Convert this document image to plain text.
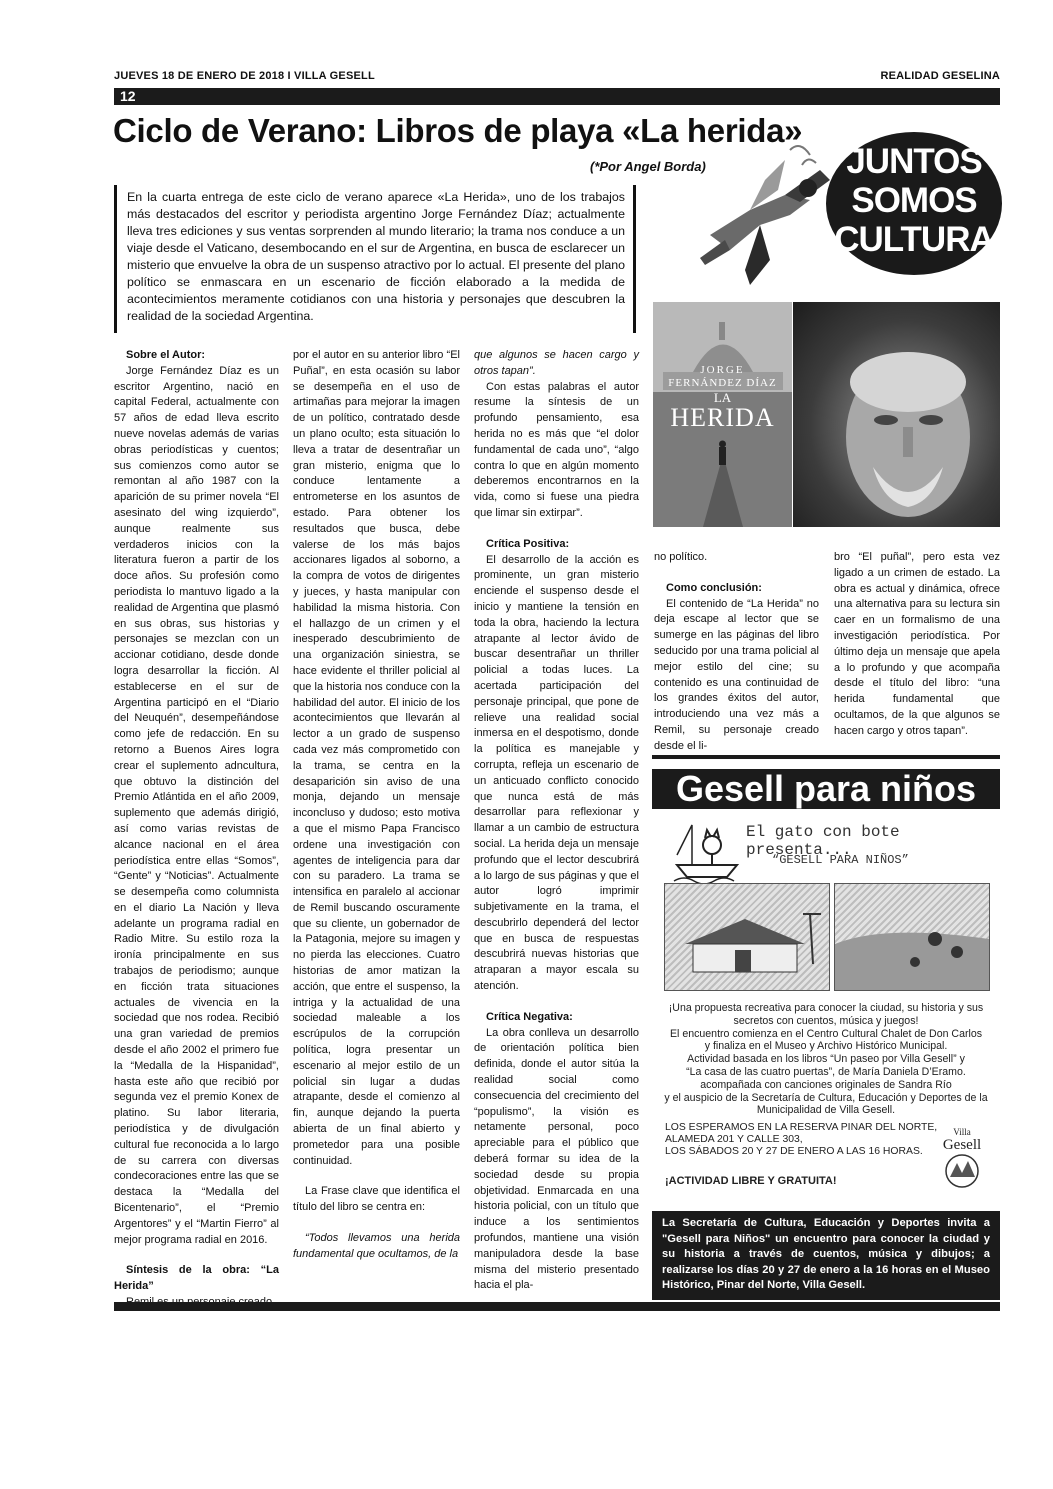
JUEVES 18 DE ENERO DE 2018 I VILLA GESELL	REALIDAD GESELINA
12
Ciclo de Verano: Libros de playa «La herida»
(*Por Angel Borda)	JUNTOS
SOMOS
CULTURA
En la cuarta entrega de este ciclo de verano aparece «La Herida», uno de los trabajos más destacados del escritor y periodista argentino Jorge Fernández Díaz; actualmente lleva tres ediciones y sus ventas sorprenden al mundo literario; la trama nos conduce a un viaje desde el Vaticano, desembocando en el sur de Argentina, en busca de esclarecer un misterio que envuelve la obra de un suspenso atractivo por lo actual. El presente del plano político se enmascara en un escenario de ficción elaborado a la medida de acontecimientos meramente cotidianos con una historia y personajes que descubren la realidad de la sociedad Argentina.

Sobre el Autor:

Jorge Fernández Díaz es un escritor Argentino, nació en capital Federal, actualmente con 57 años de edad lleva escrito nueve novelas además de varias obras periodísticas y cuentos; sus comienzos como autor se remontan al año 1987 con la aparición de su primer novela “El asesinato del wing izquierdo”, aunque realmente sus verdaderos inicios con la literatura fueron a partir de los doce años. Su profesión como periodista lo mantuvo ligado a la realidad de Argentina que plasmó en sus obras, sus historias y personajes se mezclan con un accionar cotidiano, desde donde logra desarrollar la ficción. Al establecerse en el sur de Argentina participó en el “Diario del Neuquén”, desempeñándose como jefe de redacción. En su retorno a Buenos Aires logra crear el suplemento adncultura, que obtuvo la distinción del Premio Atlántida en el año 2009, suplemento que además dirigió, así como varias revistas de alcance nacional en el área periodística entre ellas “Somos”, “Gente” y “Noticias”. Actualmente se desempeña como columnista en el diario La Nación y lleva adelante un programa radial en Radio Mitre. Su estilo roza la ironía principalmente en sus trabajos de periodismo; aunque en ficción trata situaciones actuales de vivencia en la sociedad que nos rodea. Recibió una gran variedad de premios desde el año 2002 el primero fue la “Medalla de la Hispanidad”, hasta este año que recibió por segunda vez el premio Konex de platino. Su labor literaria, periodística y de divulgación cultural fue reconocida a lo largo de su carrera con diversas condecoraciones entre las que se destaca la “Medalla del Bicentenario”, el “Premio Argentores” y el “Martin Fierro” al mejor programa radial en 2016.

Síntesis de la obra: “La Herida”

por el autor en su anterior libro “El Puñal”, en esta ocasión su labor se desempeña en el uso de artimañas para mejorar la imagen de un político, contratado desde un plano oculto; esta situación lo lleva a tratar de desentrañar un gran misterio, enigma que lo conduce lentamente a entrometerse en los asuntos de estado. Para obtener los resultados que busca, debe valerse de los más bajos accionares ligados al soborno, a la compra de votos de dirigentes y jueces, y hasta manipular con habilidad la misma historia. Con el hallazgo de un crimen y el inesperado descubrimiento de una organización siniestra, se hace evidente el thriller policial al que la historia nos conduce con la habilidad del autor. El inicio de los acontecimientos que llevarán al lector a un grado de suspenso cada vez más comprometido con la trama, se centra en la desaparición sin aviso de una monja, dejando un mensaje inconcluso y dudoso; esto motiva a que el mismo Papa Francisco ordene una investigación con agentes de inteligencia para dar con su paradero. La trama se intensifica en paralelo al accionar de Remil buscando oscuramente que su cliente, un gobernador de la Patagonia, mejore su imagen y no pierda las elecciones. Cuatro historias de amor matizan la acción, que entre el suspenso, la intriga y la actualidad de una sociedad maleable a los escrúpulos de la corrupción política, logra presentar un escenario al mejor estilo de un policial sin lugar a dudas atrapante, desde el comienzo al fin, aunque dejando la puerta abierta de un final abierto y prometedor para una posible continuidad.

La Frase clave que identifica el título del libro se centra en:

“Todos llevamos una herida fundamental que ocultamos, de la

que algunos se hacen cargo y otros tapan”.

Con estas palabras el autor resume la síntesis de un profundo pensamiento, esa herida no es más que “el dolor fundamental de cada uno”, “algo contra lo que en algún momento deberemos encontrarnos en la vida, como si fuese una piedra que limar sin extirpar”.

Crítica Positiva:

El desarrollo de la acción es prominente, un gran misterio enciende el suspenso desde el inicio y mantiene la tensión en toda la obra, haciendo la lectura atrapante al lector ávido de buscar desentrañar un thriller policial a todas luces. La acertada participación del personaje principal, que pone de relieve una realidad social inmersa en el despotismo, donde la política es manejable y corrupta, refleja un escenario de un anticuado conflicto conocido que nunca está de más desarrollar para reflexionar y llamar a un cambio de estructura social. La herida deja un mensaje profundo que el lector descubrirá a lo largo de sus páginas y que el autor logró imprimir subjetivamente en la trama, el descubrirlo dependerá del lector que en busca de respuestas descubrirá nuevas historias que atraparan a mayor escala su atención.

Crítica Negativa:

La obra conlleva un desarrollo de orientación política bien definida, donde el autor sitúa la realidad social como consecuencia del crecimiento del “populismo”, la visión es netamente personal, poco apreciable para el público que deberá formar su idea de la sociedad desde su propia objetividad. Enmarcada en una historia policial, con un título que induce a los sentimientos profundos, mantiene una visión manipuladora desde la base misma del misterio presentado hacia el pla-

JORGE
FERNÁNDEZ DÍAZ
LA
HERIDA

no político.

Como conclusión:

El contenido de “La Herida” no deja escape al lector que se sumerge en las páginas del libro seducido por una trama policial al mejor estilo del cine; su contenido es una continuidad de los grandes éxitos del autor, introduciendo una vez más a Remil, su personaje creado desde el li-

bro “El puñal”, pero esta vez ligado a un crimen de estado. La obra es actual y dinámica, ofrece una alternativa para su lectura sin caer en un formalismo de una investigación periodística. Por último deja un mensaje que apela a lo profundo y que acompaña desde el título del libro: “una herida fundamental que ocultamos, de la que algunos se hacen cargo y otros tapan”.

Gesell para niños
El gato con bote presenta...
“GESELL PARA NIÑOS”
¡Una propuesta recreativa para conocer la ciudad, su historia y sus
secretos con cuentos, música y juegos!
El encuentro comienza en el Centro Cultural Chalet de Don Carlos
y finaliza en el Museo y Archivo Histórico Municipal.
Actividad basada en los libros “Un paseo por Villa Gesell” y
“La casa de las cuatro puertas”, de María Daniela D’Eramo.
acompañada con canciones originales de Sandra Río
y el auspicio de la Secretaría de Cultura, Educación y Deportes de la
Municipalidad de Villa Gesell.
LOS ESPERAMOS EN LA RESERVA PINAR DEL NORTE,
ALAMEDA 201 Y CALLE 303,
LOS SÁBADOS 20 Y 27 DE ENERO A LAS 16 HORAS.
¡ACTIVIDAD LIBRE Y GRATUITA!
Villa
Gesell
La Secretaría de Cultura, Educación y Deportes invita a "Gesell para Niños" un encuentro para conocer la ciudad y su historia a través de cuentos, música y dibujos; a realizarse los días 20 y 27 de enero a la 16 horas en el Museo Histórico, Pinar del Norte, Villa Gesell.
